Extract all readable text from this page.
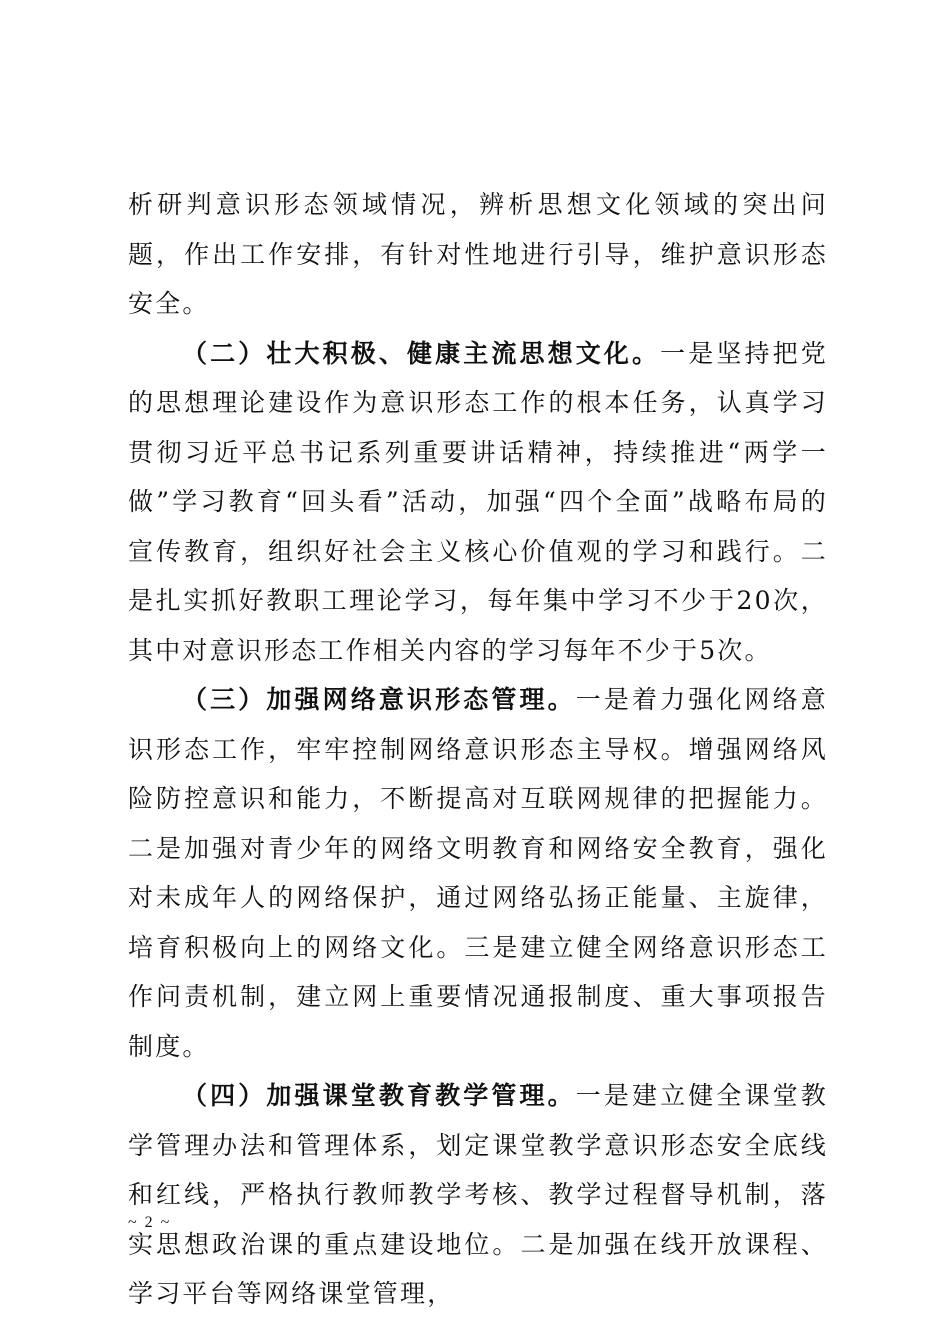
析研判意识形态领域情况，辨析思想文化领域的突出问题，作出工作安排，有针对性地进行引导，维护意识形态安全。

（二）壮大积极、健康主流思想文化。一是坚持把党的思想理论建设作为意识形态工作的根本任务，认真学习贯彻习近平总书记系列重要讲话精神，持续推进“两学一做”学习教育“回头看”活动，加强“四个全面”战略布局的宣传教育，组织好社会主义核心价值观的学习和践行。二是扎实抓好教职工理论学习，每年集中学习不少于20次，其中对意识形态工作相关内容的学习每年不少于5次。

（三）加强网络意识形态管理。一是着力强化网络意识形态工作，牢牢控制网络意识形态主导权。增强网络风险防控意识和能力，不断提高对互联网规律的把握能力。二是加强对青少年的网络文明教育和网络安全教育，强化对未成年人的网络保护，通过网络弘扬正能量、主旋律，培育积极向上的网络文化。三是建立健全网络意识形态工作问责机制，建立网上重要情况通报制度、重大事项报告制度。

（四）加强课堂教育教学管理。一是建立健全课堂教学管理办法和管理体系，划定课堂教学意识形态安全底线和红线，严格执行教师教学考核、教学过程督导机制，落实思想政治课的重点建设地位。二是加强在线开放课程、学习平台等网络课堂管理，

~ 2 ~
